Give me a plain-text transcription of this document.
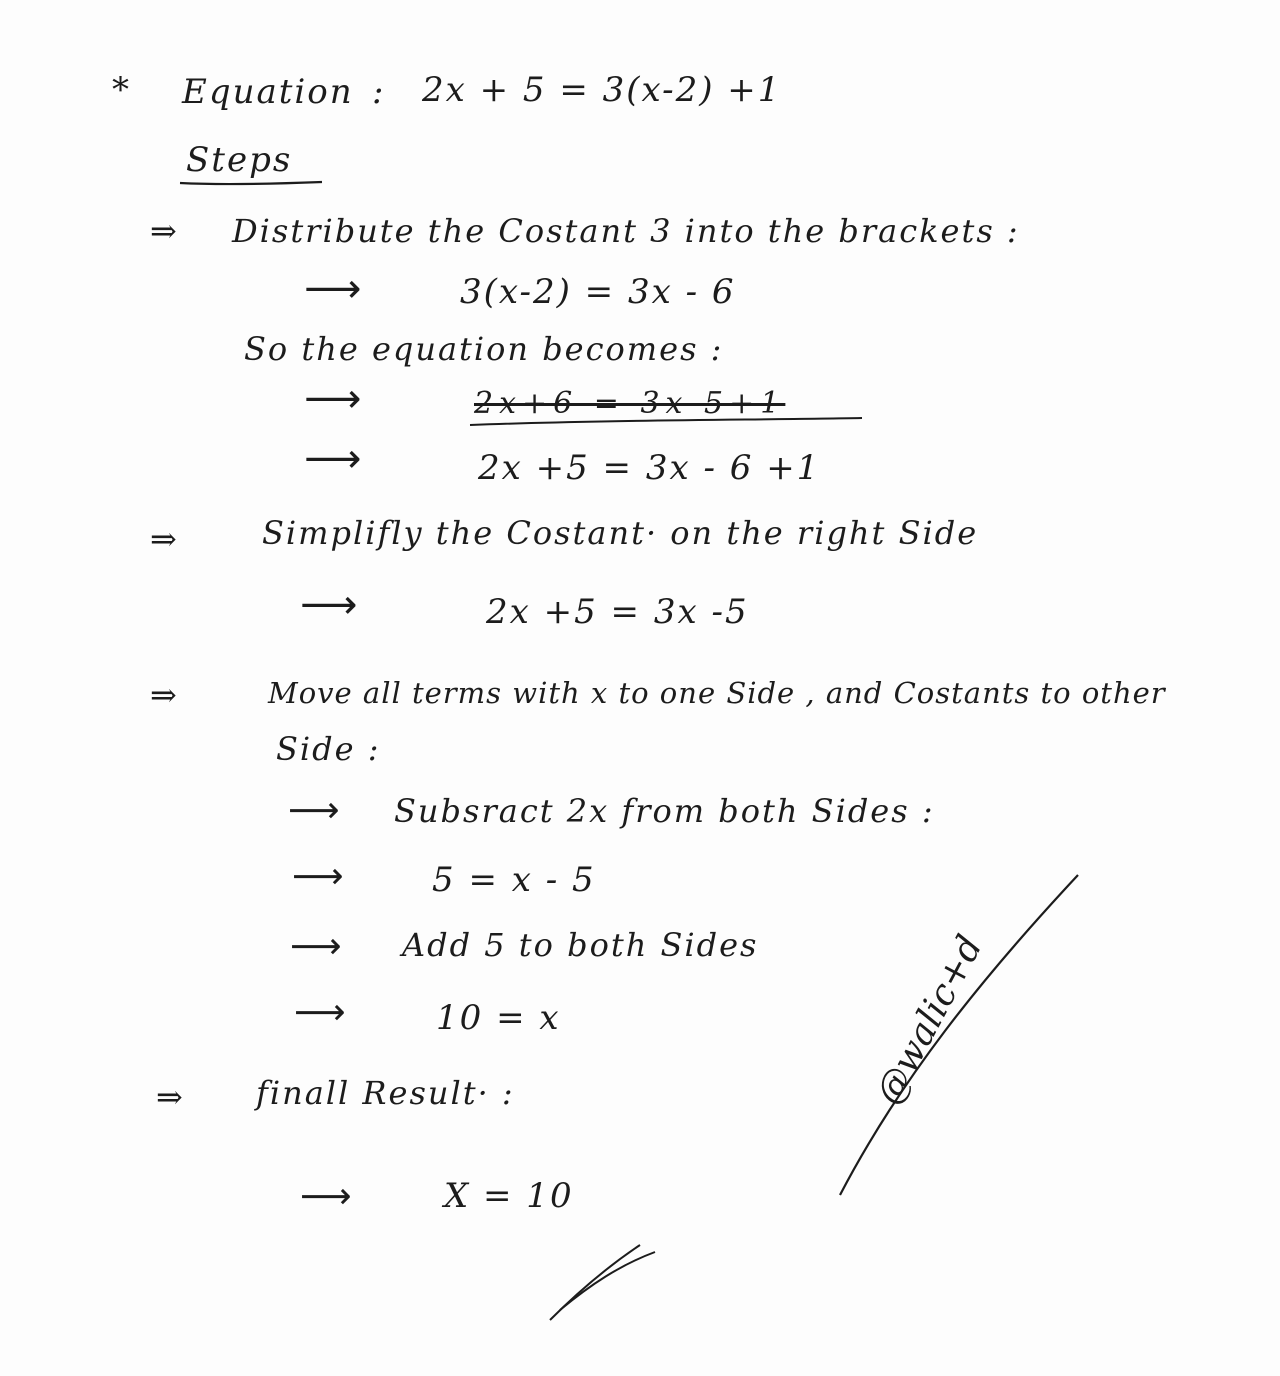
* Equation : 2x + 5 = 3(x-2) +1
Steps
⇒ Distribute the Costant 3 into the brackets :
⟶	3(x-2) = 3x - 6
So the equation becomes :
⟶	2x+6 = 3x-5+1
⟶	2x +5 = 3x - 6 +1
⇒	Simplifly the Costant· on the right Side
⟶	2x +5 = 3x -5
⇒	Move all terms with x to one Side , and Costants to other
Side :
⟶ Subsract 2x from both Sides :
⟶	5 = x - 5
⟶ Add 5 to both Sides
⟶	10 = x
⇒ finall Result· :
⟶	X = 10
@walic+d
